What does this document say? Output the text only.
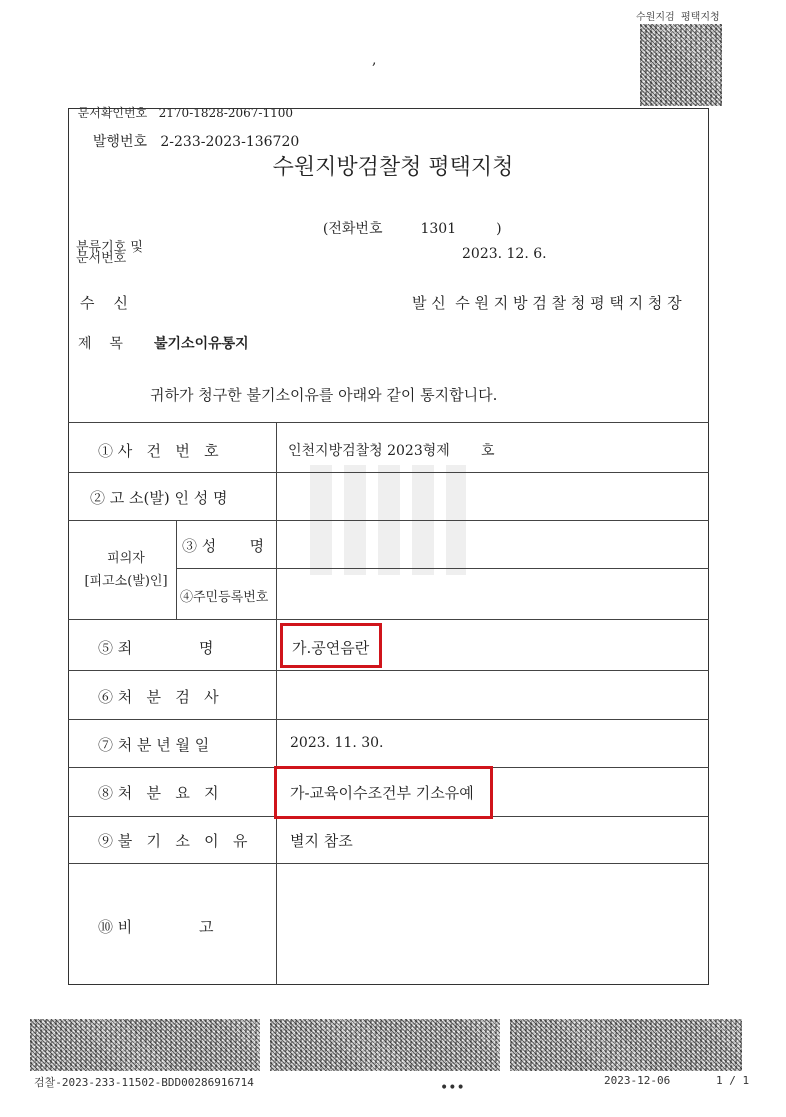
수원지검  평택지청
,

문서확인번호 2170-1828-2067-1100

발행번호 2-233-2023-136720

수원지방검찰청 평택지청

(전화번호	1301	)

분류기호 및
문서번호	2023. 12. 6.
수    신	발 신  수 원 지 방 검 찰 청 평 택 지 청 장
제    목 불기소이유통지
귀하가 청구한 불기소이유를 아래와 같이 통지합니다.
① 사   건   번   호	인천지방검찰청 2023형제       호
② 고 소(발) 인 성 명
피의자
[피고소(발)인]
③ 성       명
④주민등록번호
⑤ 죄              명	가.공연음란
⑥ 처   분   검   사
⑦ 처 분 년 월 일	2023. 11. 30.
⑧ 처   분   요   지	가-교육이수조건부 기소유예
⑨ 불   기   소   이   유	별지 참조
⑩ 비              고
검찰-2023-233-11502-BDD00286916714	2023-12-06	1 / 1
•••
